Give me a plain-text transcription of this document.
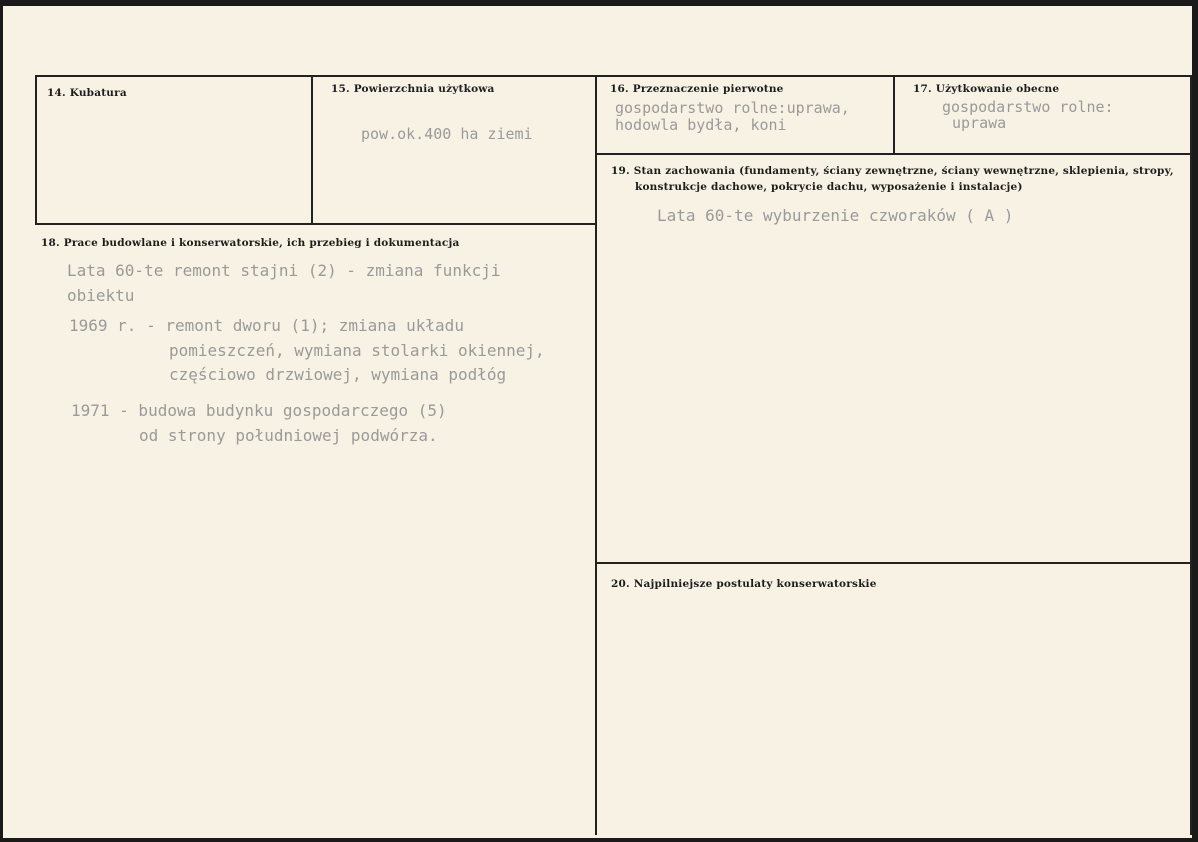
14. Kubatura	15. Powierzchnia użytkowa
pow.ok.400 ha ziemi
16. Przeznaczenie pierwotne
gospodarstwo rolne:uprawa,
hodowla bydła, koni
17. Użytkowanie obecne
gospodarstwo rolne:
uprawa
18. Prace budowlane i konserwatorskie, ich przebieg i dokumentacja
Lata 60-te remont stajni (2) - zmiana funkcji
obiektu
1969 r. - remont dworu (1); zmiana układu
pomieszczeń, wymiana stolarki okiennej,
częściowo drzwiowej, wymiana podłóg
1971 - budowa budynku gospodarczego (5)
od strony południowej podwórza.
19. Stan zachowania (fundamenty, ściany zewnętrzne, ściany wewnętrzne, sklepienia, stropy,
konstrukcje dachowe, pokrycie dachu, wyposażenie i instalacje)
Lata 60-te wyburzenie czworaków ( A )
20. Najpilniejsze postulaty konserwatorskie
